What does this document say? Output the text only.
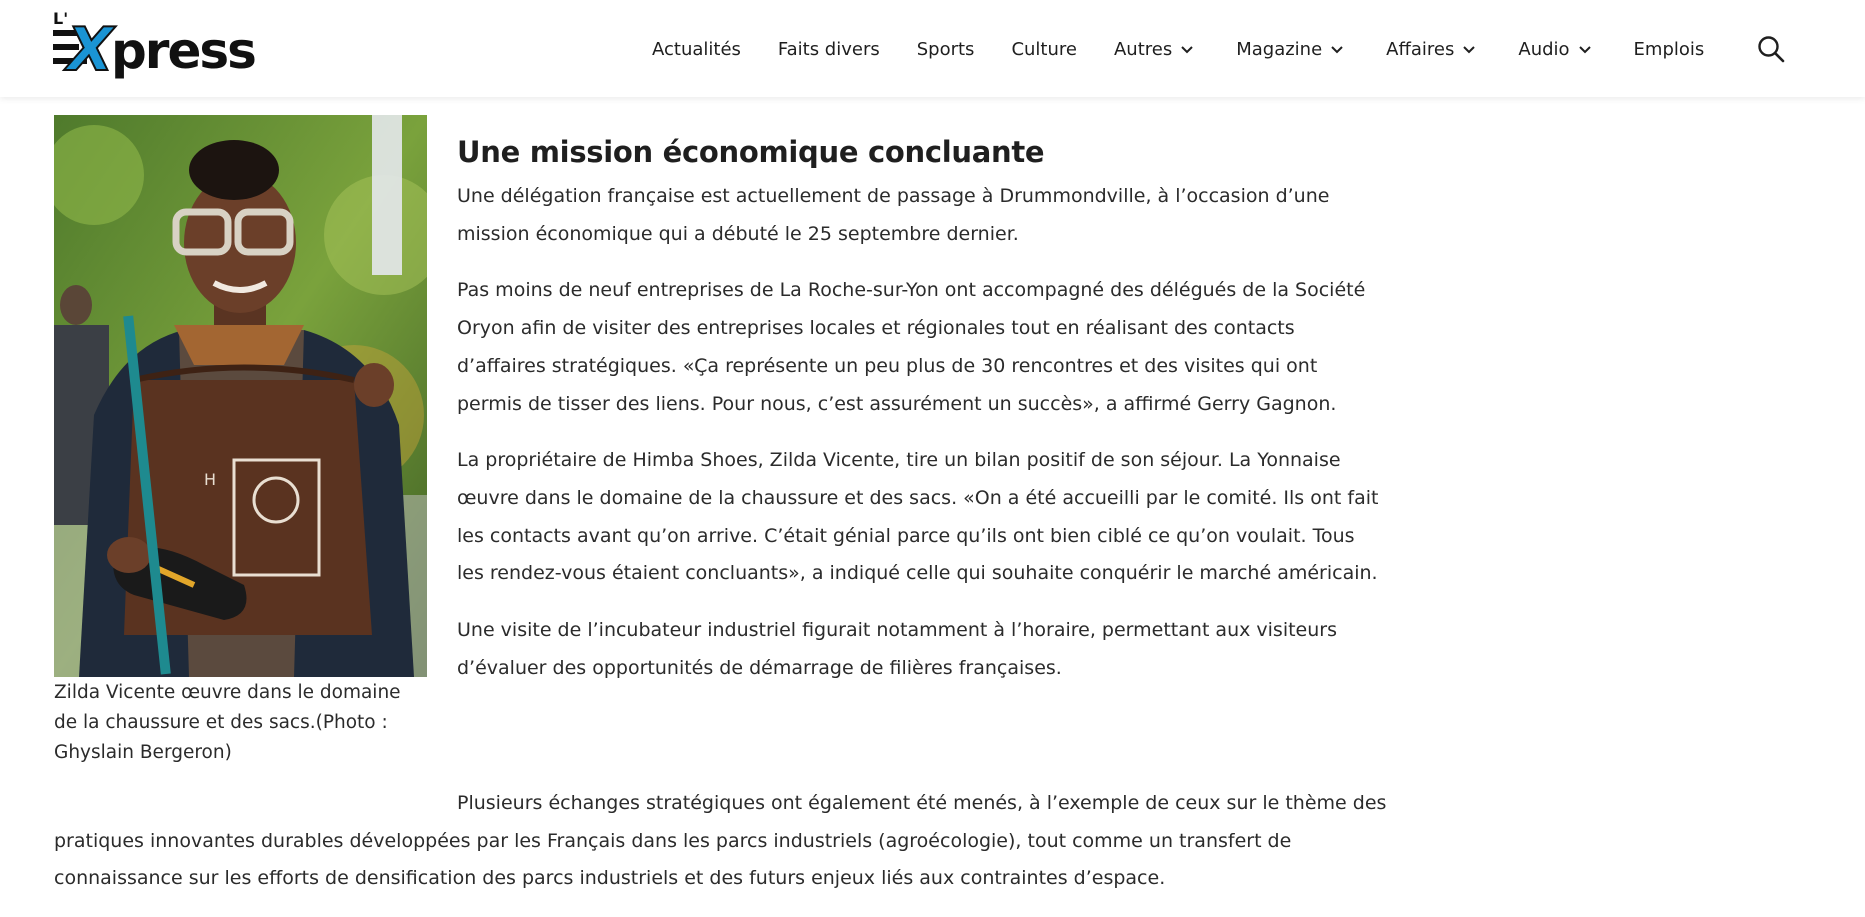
L'
X
press	Actualités Faits divers Sports Culture Autres	Magazine	Affaires	Audio	Emplois
H
Zilda Vicente œuvre dans le domaine de la chaussure et des sacs.(Photo : Ghyslain Bergeron)
Une mission économique concluante

Une délégation française est actuellement de passage à Drummondville, à l’occasion d’une mission économique qui a débuté le 25 septembre dernier.

Pas moins de neuf entreprises de La Roche-sur-Yon ont accompagné des délégués de la Société Oryon afin de visiter des entreprises locales et régionales tout en réalisant des contacts d’affaires stratégiques. «Ça représente un peu plus de 30 rencontres et des visites qui ont permis de tisser des liens. Pour nous, c’est assurément un succès», a affirmé Gerry Gagnon.

La propriétaire de Himba Shoes, Zilda Vicente, tire un bilan positif de son séjour. La Yonnaise œuvre dans le domaine de la chaussure et des sacs. «On a été accueilli par le comité. Ils ont fait les contacts avant qu’on arrive. C’était génial parce qu’ils ont bien ciblé ce qu’on voulait. Tous les rendez-vous étaient concluants», a indiqué celle qui souhaite conquérir le marché américain.

Une visite de l’incubateur industriel figurait notamment à l’horaire, permettant aux visiteurs d’évaluer des opportunités de démarrage de filières françaises.

Plusieurs échanges stratégiques ont également été menés, à l’exemple de ceux sur le thème des pratiques innovantes durables développées par les Français dans les parcs industriels (agroécologie), tout comme un transfert de connaissance sur les efforts de densification des parcs industriels et des futurs enjeux liés aux contraintes d’espace.
